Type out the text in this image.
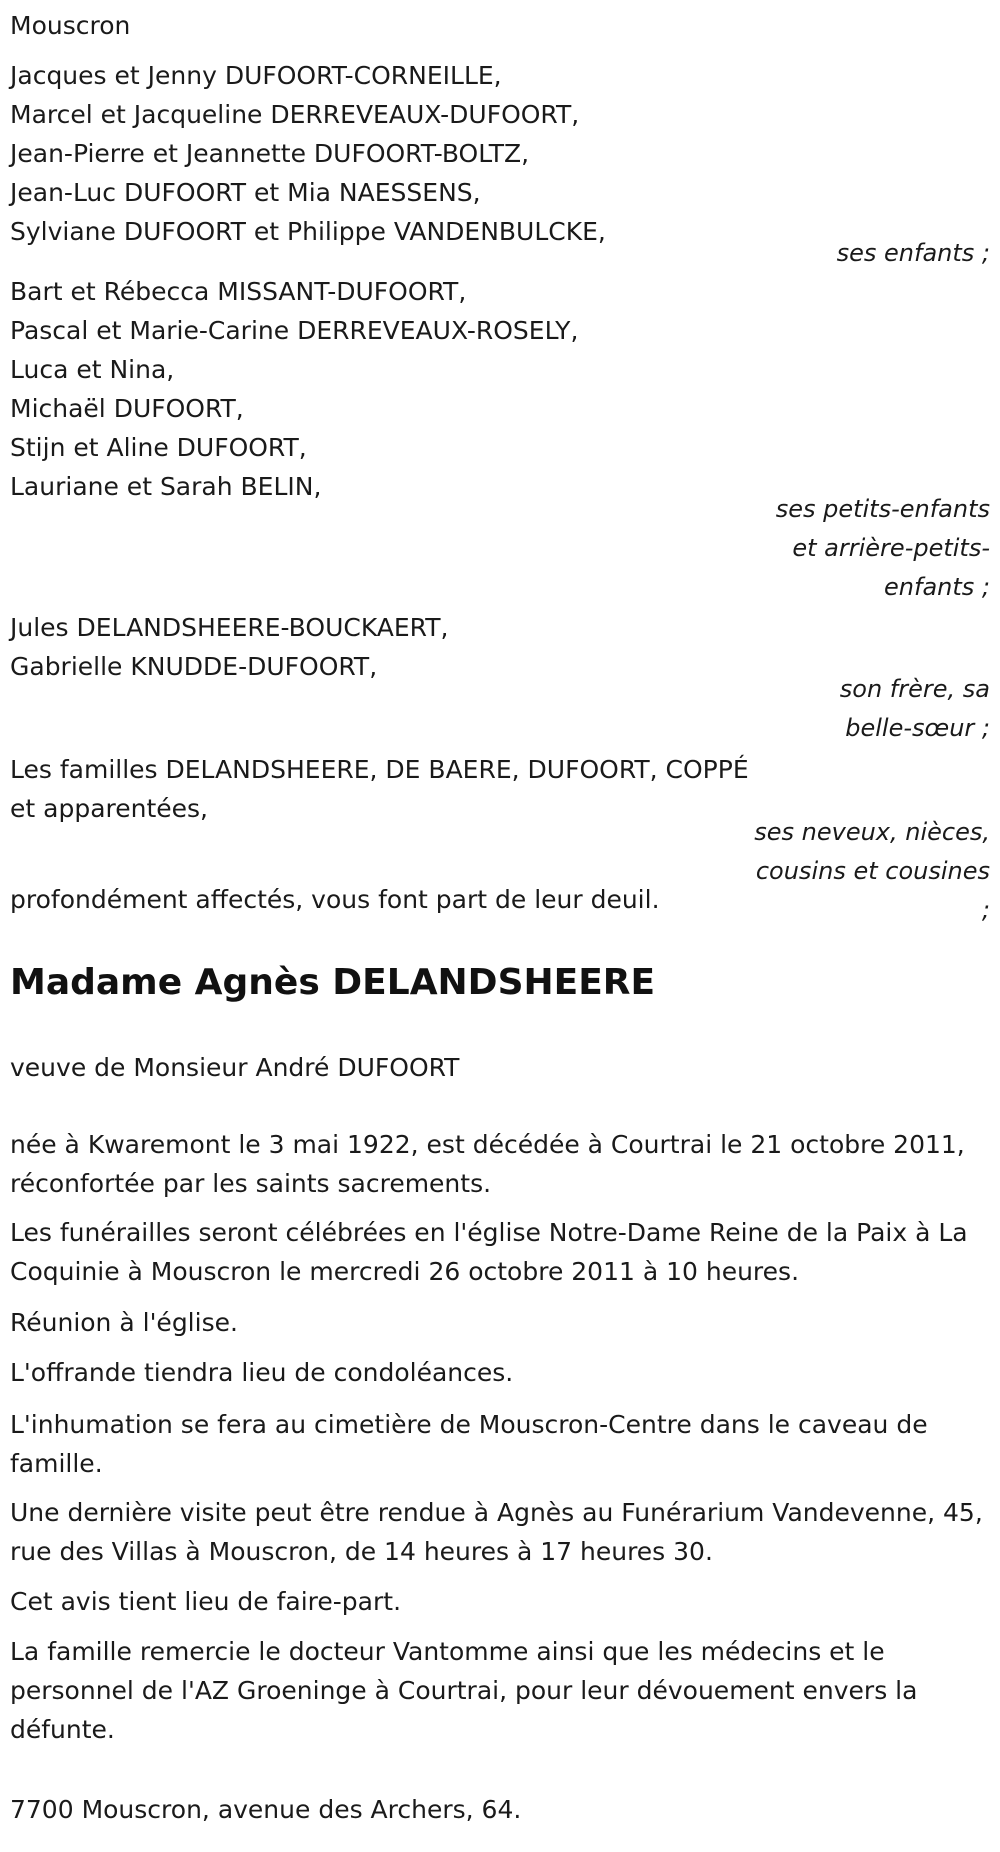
Mouscron
Jacques et Jenny DUFOORT-CORNEILLE,
Marcel et Jacqueline DERREVEAUX-DUFOORT,
Jean-Pierre et Jeannette DUFOORT-BOLTZ,
Jean-Luc DUFOORT et Mia NAESSENS,
Sylviane DUFOORT et Philippe VANDENBULCKE,
ses enfants ;
Bart et Rébecca MISSANT-DUFOORT,
Pascal et Marie-Carine DERREVEAUX-ROSELY,
Luca et Nina,
Michaël DUFOORT,
Stijn et Aline DUFOORT,
Lauriane et Sarah BELIN,
ses petits-enfants
et arrière-petits-
enfants ;
Jules DELANDSHEERE-BOUCKAERT,
Gabrielle KNUDDE-DUFOORT,
son frère, sa
belle-sœur ;
Les familles DELANDSHEERE, DE BAERE, DUFOORT, COPPÉ
et apparentées,
ses neveux, nièces,
cousins et cousines
;
profondément affectés, vous font part de leur deuil.
Madame Agnès DELANDSHEERE
veuve de Monsieur André DUFOORT
née à Kwaremont le 3 mai 1922, est décédée à Courtrai le 21 octobre 2011, réconfortée par les saints sacrements.
Les funérailles seront célébrées en l'église Notre-Dame Reine de la Paix à La Coquinie à Mouscron le mercredi 26 octobre 2011 à 10 heures.
Réunion à l'église.
L'offrande tiendra lieu de condoléances.
L'inhumation se fera au cimetière de Mouscron-Centre dans le caveau de famille.
Une dernière visite peut être rendue à Agnès au Funérarium Vandevenne, 45, rue des Villas à Mouscron, de 14 heures à 17 heures 30.
Cet avis tient lieu de faire-part.
La famille remercie le docteur Vantomme ainsi que les médecins et le personnel de l'AZ Groeninge à Courtrai, pour leur dévouement envers la défunte.
7700 Mouscron, avenue des Archers, 64.
